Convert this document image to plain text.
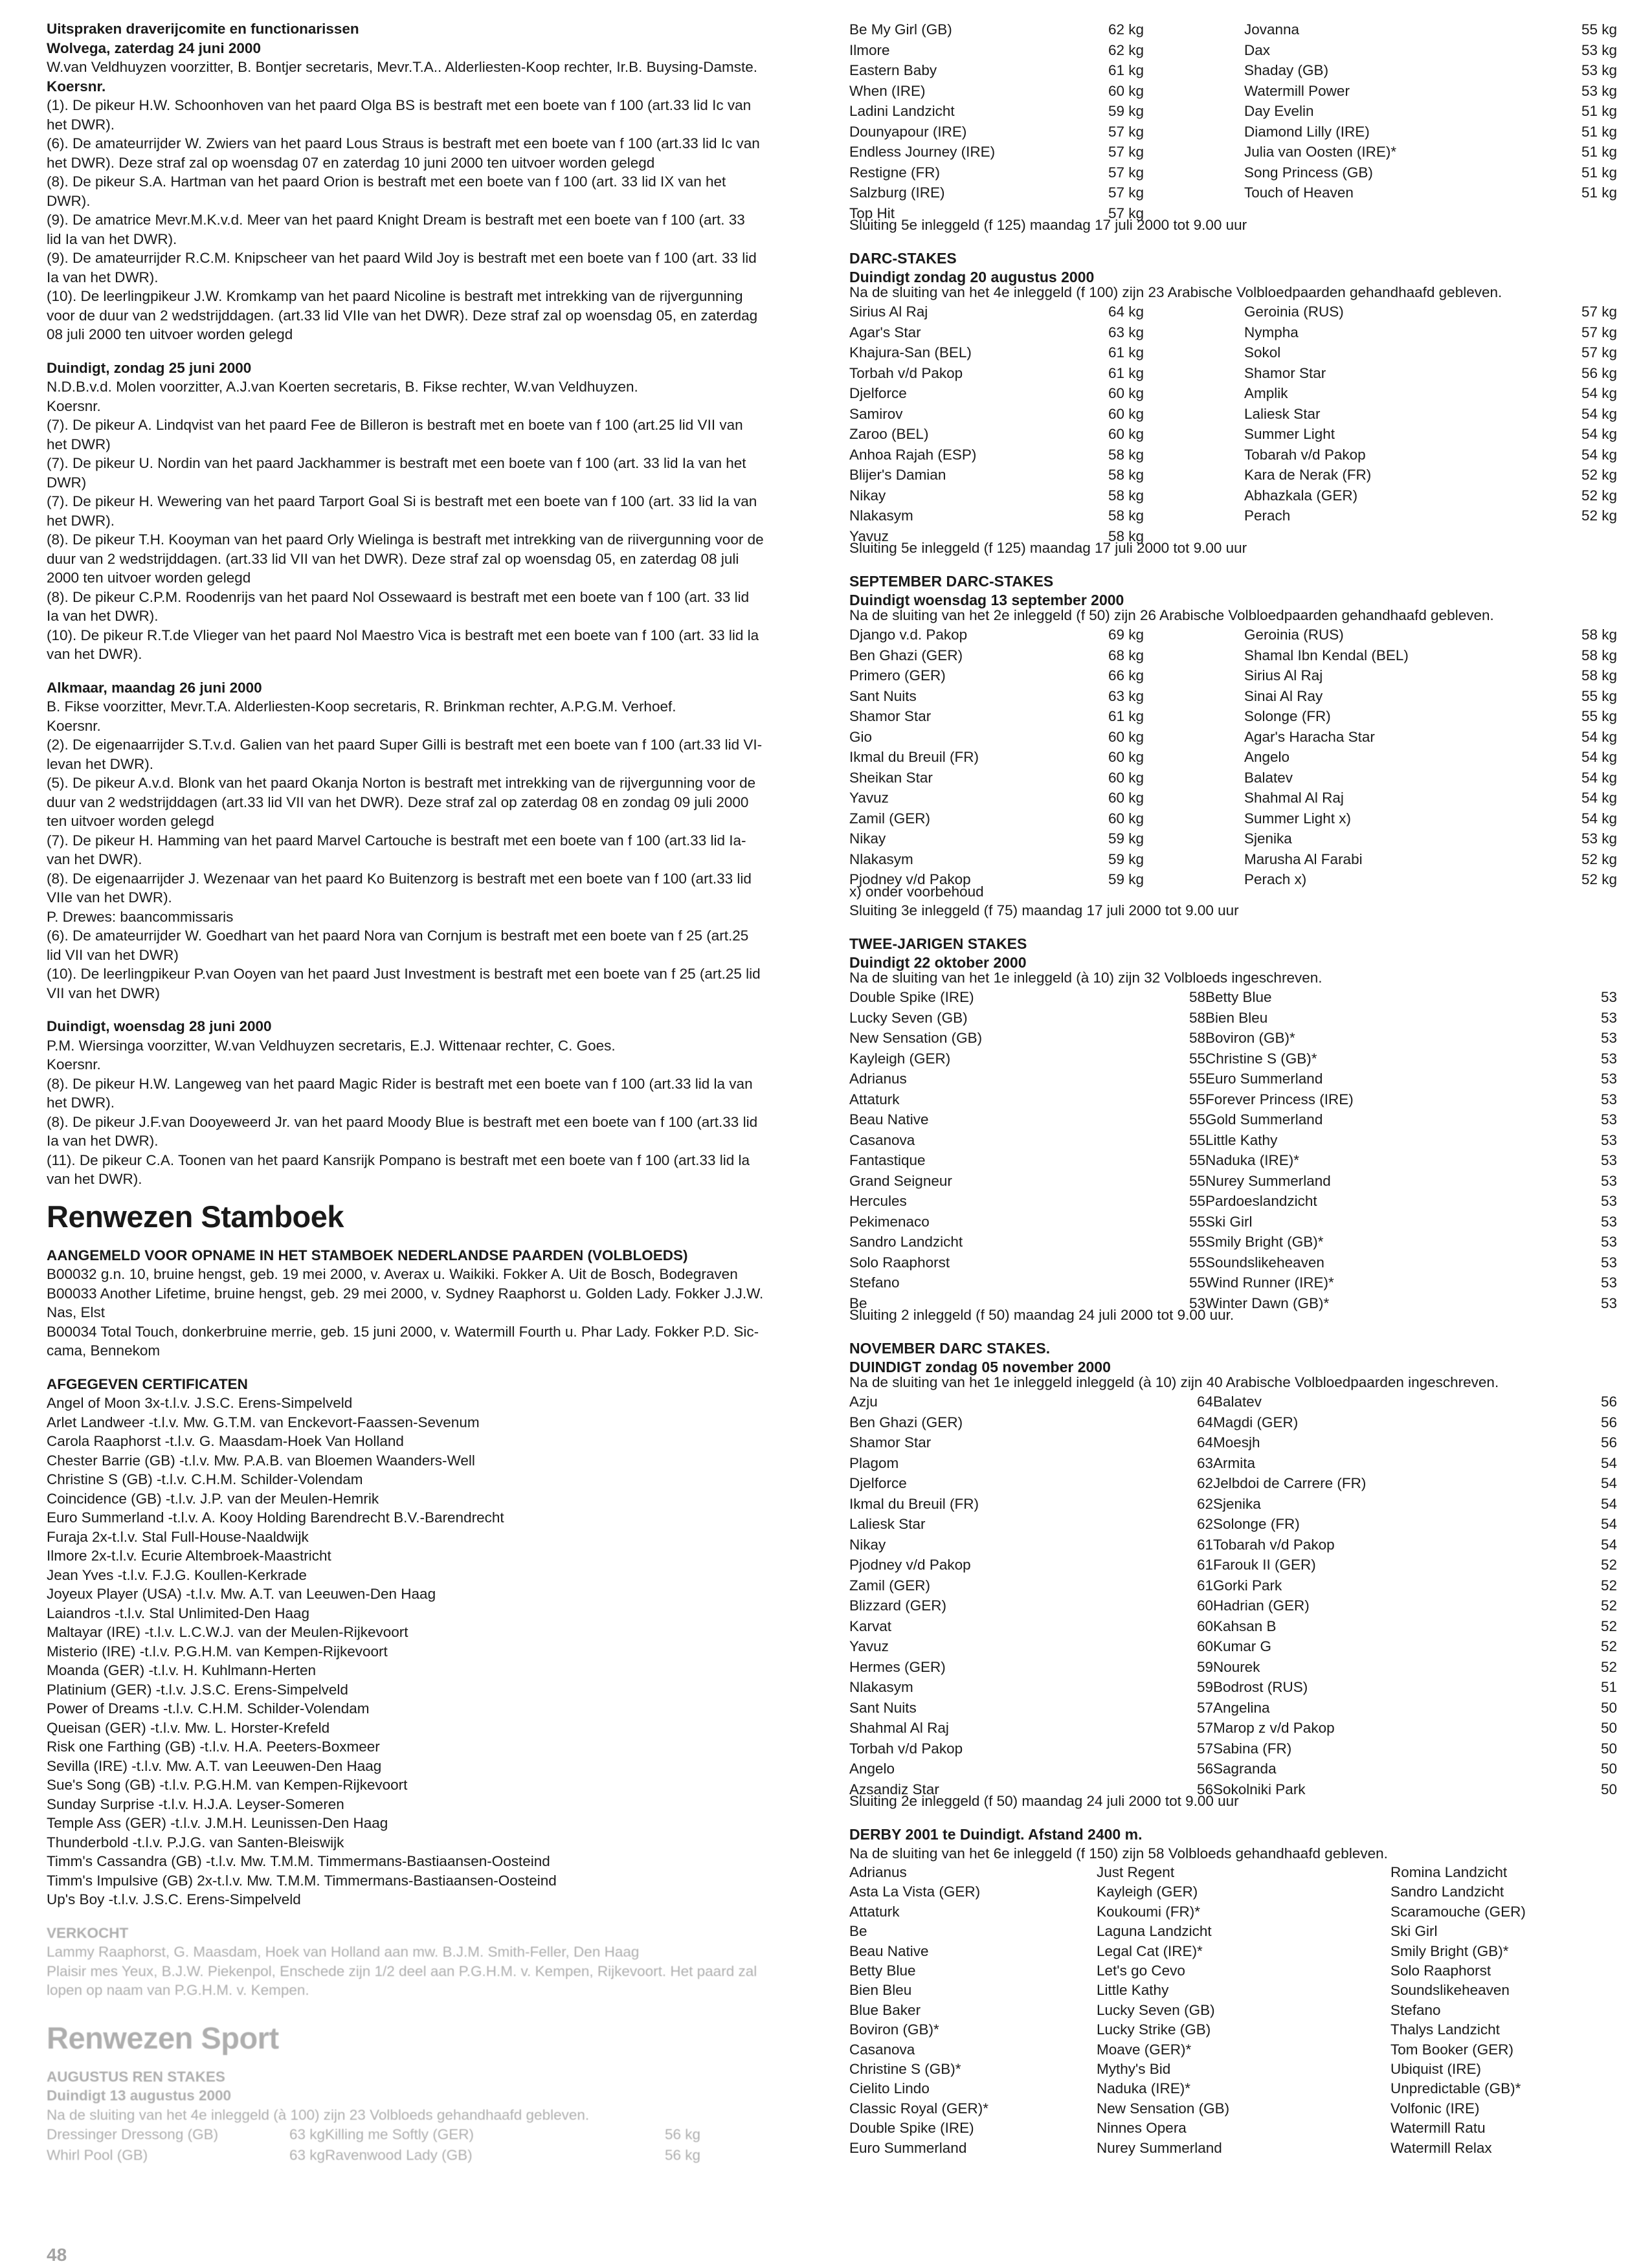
Uitspraken draverijcomite en functionarissen
Wolvega, zaterdag 24 juni 2000
W.van Veldhuyzen voorzitter, B. Bontjer secretaris, Mevr.T.A.. Alderliesten-Koop rechter, Ir.B. Buysing-Damste.
Koersnr.
(1). De pikeur H.W. Schoonhoven van het paard Olga BS is bestraft met een boete van f 100 (art.33 lid Ic van
het DWR).
(6). De amateurrijder W. Zwiers van het paard Lous Straus is bestraft met een boete van f 100 (art.33 lid Ic van
het DWR). Deze straf zal op woensdag 07 en zaterdag 10 juni 2000 ten uitvoer worden gelegd
(8). De pikeur S.A. Hartman van het paard Orion is bestraft met een boete van f 100 (art. 33 lid IX van het
DWR).
(9). De amatrice Mevr.M.K.v.d. Meer van het paard Knight Dream is bestraft met een boete van f 100 (art. 33
lid Ia van het DWR).
(9). De amateurrijder R.C.M. Knipscheer van het paard Wild Joy is bestraft met een boete van f 100 (art. 33 lid
Ia van het DWR).
(10). De leerlingpikeur J.W. Kromkamp van het paard Nicoline is bestraft met intrekking van de rijvergunning
voor de duur van 2 wedstrijddagen. (art.33 lid VIIe van het DWR). Deze straf zal op woensdag 05, en zaterdag
08 juli 2000 ten uitvoer worden gelegd
Duindigt, zondag 25 juni 2000
N.D.B.v.d. Molen voorzitter, A.J.van Koerten secretaris, B. Fikse rechter, W.van Veldhuyzen.
Koersnr.
(7). De pikeur A. Lindqvist van het paard Fee de Billeron is bestraft met en boete van f 100 (art.25 lid VII van
het DWR)
(7). De pikeur U. Nordin van het paard Jackhammer is bestraft met een boete van f 100 (art. 33 lid Ia van het
DWR)
(7). De pikeur H. Wewering van het paard Tarport Goal Si is bestraft met een boete van f 100 (art. 33 lid Ia van
het DWR).
(8). De pikeur T.H. Kooyman van het paard Orly Wielinga is bestraft met intrekking van de riivergunning voor de
duur van 2 wedstrijddagen. (art.33 lid VII van het DWR). Deze straf zal op woensdag 05, en zaterdag 08 juli
2000 ten uitvoer worden gelegd
(8). De pikeur C.P.M. Roodenrijs van het paard Nol Ossewaard is bestraft met een boete van f 100 (art. 33 lid
Ia van het DWR).
(10). De pikeur R.T.de Vlieger van het paard Nol Maestro Vica is bestraft met een boete van f 100 (art. 33 lid la
van het DWR).
Alkmaar, maandag 26 juni 2000
B. Fikse voorzitter, Mevr.T.A. Alderliesten-Koop secretaris, R. Brinkman rechter, A.P.G.M. Verhoef.
Koersnr.
(2). De eigenaarrijder S.T.v.d. Galien van het paard Super Gilli is bestraft met een boete van f 100 (art.33 lid VI-
levan het DWR).
(5). De pikeur A.v.d. Blonk van het paard Okanja Norton is bestraft met intrekking van de rijvergunning voor de
duur van 2 wedstrijddagen (art.33 lid VII van het DWR). Deze straf zal op zaterdag 08 en zondag 09 juli 2000
ten uitvoer worden gelegd
(7). De pikeur H. Hamming van het paard Marvel Cartouche is bestraft met een boete van f 100 (art.33 lid Ia-
van het DWR).
(8). De eigenaarrijder J. Wezenaar van het paard Ko Buitenzorg is bestraft met een boete van f 100 (art.33 lid
VIIe van het DWR).
P. Drewes: baancommissaris
(6). De amateurrijder W. Goedhart van het paard Nora van Cornjum is bestraft met een boete van f 25 (art.25
lid VII van het DWR)
(10). De leerlingpikeur P.van Ooyen van het paard Just Investment is bestraft met een boete van f 25 (art.25 lid
VII van het DWR)
Duindigt, woensdag 28 juni 2000
P.M. Wiersinga voorzitter, W.van Veldhuyzen secretaris, E.J. Wittenaar rechter, C. Goes.
Koersnr.
(8). De pikeur H.W. Langeweg van het paard Magic Rider is bestraft met een boete van f 100 (art.33 lid la van
het DWR).
(8). De pikeur J.F.van Dooyeweerd Jr. van het paard Moody Blue is bestraft met een boete van f 100 (art.33 lid
Ia van het DWR).
(11). De pikeur C.A. Toonen van het paard Kansrijk Pompano is bestraft met een boete van f 100 (art.33 lid la
van het DWR).
Renwezen Stamboek
AANGEMELD VOOR OPNAME IN HET STAMBOEK NEDERLANDSE PAARDEN (VOLBLOEDS)
B00032 g.n. 10, bruine hengst, geb. 19 mei 2000, v. Averax u. Waikiki. Fokker A. Uit de Bosch, Bodegraven
B00033 Another Lifetime, bruine hengst, geb. 29 mei 2000, v. Sydney Raaphorst u. Golden Lady. Fokker J.J.W.
Nas, Elst
B00034 Total Touch, donkerbruine merrie, geb. 15 juni 2000, v. Watermill Fourth u. Phar Lady. Fokker P.D. Sic-
cama, Bennekom
AFGEGEVEN CERTIFICATEN
Angel of Moon 3x-t.l.v. J.S.C. Erens-Simpelveld
Arlet Landweer -t.l.v. Mw. G.T.M. van Enckevort-Faassen-Sevenum
Carola Raaphorst -t.l.v. G. Maasdam-Hoek Van Holland
Chester Barrie (GB) -t.l.v. Mw. P.A.B. van Bloemen Waanders-Well
Christine S (GB) -t.l.v. C.H.M. Schilder-Volendam
Coincidence (GB) -t.l.v. J.P. van der Meulen-Hemrik
Euro Summerland -t.l.v. A. Kooy Holding Barendrecht B.V.-Barendrecht
Furaja 2x-t.l.v. Stal Full-House-Naaldwijk
Ilmore 2x-t.l.v. Ecurie Altembroek-Maastricht
Jean Yves -t.l.v. F.J.G. Koullen-Kerkrade
Joyeux Player (USA) -t.l.v. Mw. A.T. van Leeuwen-Den Haag
Laiandros -t.l.v. Stal Unlimited-Den Haag
Maltayar (IRE) -t.l.v. L.C.W.J. van der Meulen-Rijkevoort
Misterio (IRE) -t.l.v. P.G.H.M. van Kempen-Rijkevoort
Moanda (GER) -t.l.v. H. Kuhlmann-Herten
Platinium (GER) -t.l.v. J.S.C. Erens-Simpelveld
Power of Dreams -t.l.v. C.H.M. Schilder-Volendam
Queisan (GER) -t.l.v. Mw. L. Horster-Krefeld
Risk one Farthing (GB) -t.l.v. H.A. Peeters-Boxmeer
Sevilla (IRE) -t.l.v. Mw. A.T. van Leeuwen-Den Haag
Sue's Song (GB) -t.l.v. P.G.H.M. van Kempen-Rijkevoort
Sunday Surprise -t.l.v. H.J.A. Leyser-Someren
Temple Ass (GER) -t.l.v. J.M.H. Leunissen-Den Haag
Thunderbold -t.l.v. P.J.G. van Santen-Bleiswijk
Timm's Cassandra (GB) -t.l.v. Mw. T.M.M. Timmermans-Bastiaansen-Oosteind
Timm's Impulsive (GB) 2x-t.l.v. Mw. T.M.M. Timmermans-Bastiaansen-Oosteind
Up's Boy -t.l.v. J.S.C. Erens-Simpelveld
VERKOCHT
Lammy Raaphorst, G. Maasdam, Hoek van Holland aan mw. B.J.M. Smith-Feller, Den Haag
Plaisir mes Yeux, B.J.W. Piekenpol, Enschede zijn 1/2 deel aan P.G.H.M. v. Kempen, Rijkevoort. Het paard zal
lopen op naam van P.G.H.M. v. Kempen.
Renwezen Sport
AUGUSTUS REN STAKES
Duindigt 13 augustus 2000
Na de sluiting van het 4e inleggeld (à 100) zijn 23 Volbloeds gehandhaafd gebleven.
Dressinger Dressong (GB)	63 kg Killing me Softly (GER)	56 kg
Whirl Pool (GB)	63 kg Ravenwood Lady (GB)	56 kg
Be My Girl (GB)	62 kg	Jovanna	55 kg
Ilmore	62 kg	Dax	53 kg
Eastern Baby	61 kg	Shaday (GB)	53 kg
When (IRE)	60 kg	Watermill Power	53 kg
Ladini Landzicht	59 kg	Day Evelin	51 kg
Dounyapour (IRE)	57 kg	Diamond Lilly (IRE)	51 kg
Endless Journey (IRE)	57 kg	Julia van Oosten (IRE)*	51 kg
Restigne (FR)	57 kg	Song Princess (GB)	51 kg
Salzburg (IRE)	57 kg	Touch of Heaven	51 kg
Top Hit	57 kg
Sluiting 5e inleggeld (f 125) maandag 17 juli 2000 tot 9.00 uur
DARC-STAKES
Duindigt zondag 20 augustus 2000
Na de sluiting van het 4e inleggeld (f 100) zijn 23 Arabische Volbloedpaarden gehandhaafd gebleven.
Sirius Al Raj	64 kg	Geroinia (RUS)	57 kg
Agar's Star	63 kg	Nympha	57 kg
Khajura-San (BEL)	61 kg	Sokol	57 kg
Torbah v/d Pakop	61 kg	Shamor Star	56 kg
Djelforce	60 kg	Amplik	54 kg
Samirov	60 kg	Laliesk Star	54 kg
Zaroo (BEL)	60 kg	Summer Light	54 kg
Anhoa Rajah (ESP)	58 kg	Tobarah v/d Pakop	54 kg
Blijer's Damian	58 kg	Kara de Nerak (FR)	52 kg
Nikay	58 kg	Abhazkala (GER)	52 kg
Nlakasym	58 kg	Perach	52 kg
Yavuz	58 kg
Sluiting 5e inleggeld (f 125) maandag 17 juli 2000 tot 9.00 uur
SEPTEMBER DARC-STAKES
Duindigt woensdag 13 september 2000
Na de sluiting van het 2e inleggeld (f 50) zijn 26 Arabische Volbloedpaarden gehandhaafd gebleven.
Django v.d. Pakop	69 kg	Geroinia (RUS)	58 kg
Ben Ghazi (GER)	68 kg	Shamal Ibn Kendal (BEL)	58 kg
Primero (GER)	66 kg	Sirius Al Raj	58 kg
Sant Nuits	63 kg	Sinai Al Ray	55 kg
Shamor Star	61 kg	Solonge (FR)	55 kg
Gio	60 kg	Agar's Haracha Star	54 kg
Ikmal du Breuil (FR)	60 kg	Angelo	54 kg
Sheikan Star	60 kg	Balatev	54 kg
Yavuz	60 kg	Shahmal Al Raj	54 kg
Zamil (GER)	60 kg	Summer Light x)	54 kg
Nikay	59 kg	Sjenika	53 kg
Nlakasym	59 kg	Marusha Al Farabi	52 kg
Pjodney v/d Pakop	59 kg	Perach x)	52 kg
x) onder voorbehoud
Sluiting 3e inleggeld (f 75) maandag 17 juli 2000 tot 9.00 uur
TWEE-JARIGEN STAKES
Duindigt 22 oktober 2000
Na de sluiting van het 1e inleggeld (à 10) zijn 32 Volbloeds ingeschreven.
Double Spike (IRE)	58 Betty Blue	53
Lucky Seven (GB)	58 Bien Bleu	53
New Sensation (GB)	58 Boviron (GB)*	53
Kayleigh (GER)	55 Christine S (GB)*	53
Adrianus	55 Euro Summerland	53
Attaturk	55 Forever Princess (IRE)	53
Beau Native	55 Gold Summerland	53
Casanova	55 Little Kathy	53
Fantastique	55 Naduka (IRE)*	53
Grand Seigneur	55 Nurey Summerland	53
Hercules	55 Pardoeslandzicht	53
Pekimenaco	55 Ski Girl	53
Sandro Landzicht	55 Smily Bright (GB)*	53
Solo Raaphorst	55 Soundslikeheaven	53
Stefano	55 Wind Runner (IRE)*	53
Be	53 Winter Dawn (GB)*	53
Sluiting 2 inleggeld (f 50) maandag 24 juli 2000 tot 9.00 uur.
NOVEMBER DARC STAKES.
DUINDIGT zondag 05 november 2000
Na de sluiting van het 1e inleggeld inleggeld (à 10) zijn 40 Arabische Volbloedpaarden ingeschreven.
Azju	64 Balatev	56
Ben Ghazi (GER)	64 Magdi (GER)	56
Shamor Star	64 Moesjh	56
Plagom	63 Armita	54
Djelforce	62 Jelbdoi de Carrere (FR)	54
Ikmal du Breuil (FR)	62 Sjenika	54
Laliesk Star	62 Solonge (FR)	54
Nikay	61 Tobarah v/d Pakop	54
Pjodney v/d Pakop	61 Farouk II (GER)	52
Zamil (GER)	61 Gorki Park	52
Blizzard (GER)	60 Hadrian (GER)	52
Karvat	60 Kahsan B	52
Yavuz	60 Kumar G	52
Hermes (GER)	59 Nourek	52
Nlakasym	59 Bodrost (RUS)	51
Sant Nuits	57 Angelina	50
Shahmal Al Raj	57 Marop z v/d Pakop	50
Torbah v/d Pakop	57 Sabina (FR)	50
Angelo	56 Sagranda	50
Azsandiz Star	56 Sokolniki Park	50
Sluiting 2e inleggeld (f 50) maandag 24 juli 2000 tot 9.00 uur
DERBY 2001 te Duindigt. Afstand 2400 m.
Na de sluiting van het 6e inleggeld (f 150) zijn 58 Volbloeds gehandhaafd gebleven.
Adrianus	Just Regent	Romina Landzicht
Asta La Vista (GER)	Kayleigh (GER)	Sandro Landzicht
Attaturk	Koukoumi (FR)*	Scaramouche (GER)
Be	Laguna Landzicht	Ski Girl
Beau Native	Legal Cat (IRE)*	Smily Bright (GB)*
Betty Blue	Let's go Cevo	Solo Raaphorst
Bien Bleu	Little Kathy	Soundslikeheaven
Blue Baker	Lucky Seven (GB)	Stefano
Boviron (GB)*	Lucky Strike (GB)	Thalys Landzicht
Casanova	Moave (GER)*	Tom Booker (GER)
Christine S (GB)*	Mythy's Bid	Ubiquist (IRE)
Cielito Lindo	Naduka (IRE)*	Unpredictable (GB)*
Classic Royal (GER)*	New Sensation (GB)	Volfonic (IRE)
Double Spike (IRE)	Ninnes Opera	Watermill Ratu
Euro Summerland	Nurey Summerland	Watermill Relax
48
